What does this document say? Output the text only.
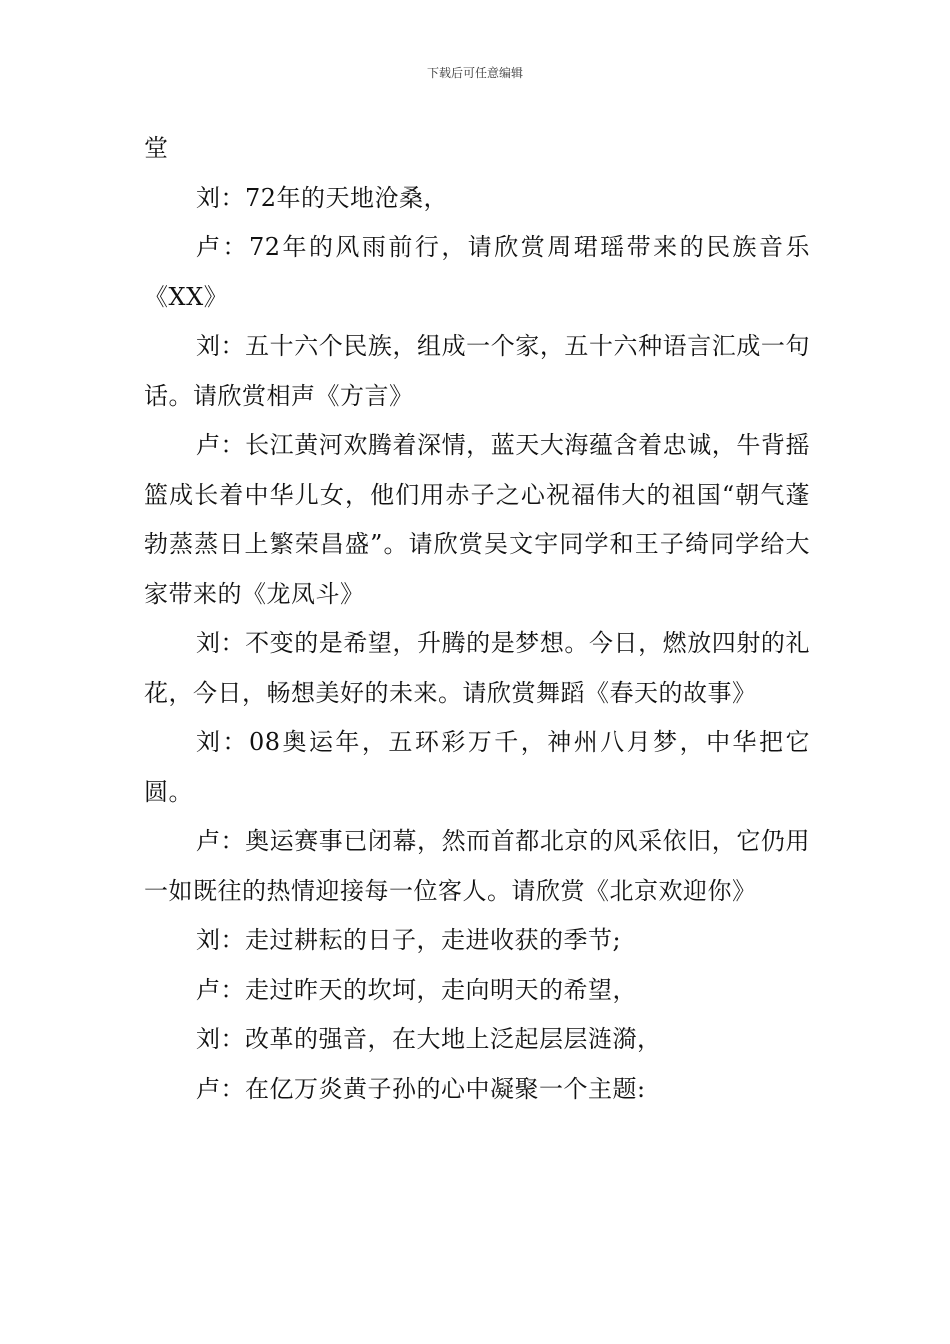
下载后可任意编辑

堂

刘：72年的天地沧桑，

卢：72年的风雨前行，请欣赏周珺瑶带来的民族音乐《XX》

刘：五十六个民族，组成一个家，五十六种语言汇成一句话。请欣赏相声《方言》

卢：长江黄河欢腾着深情，蓝天大海蕴含着忠诚，牛背摇篮成长着中华儿女，他们用赤子之心祝福伟大的祖国“朝气蓬勃蒸蒸日上繁荣昌盛”。请欣赏吴文宇同学和王子绮同学给大家带来的《龙凤斗》

刘：不变的是希望，升腾的是梦想。今日，燃放四射的礼花，今日，畅想美好的未来。请欣赏舞蹈《春天的故事》

刘：08奥运年，五环彩万千，神州八月梦，中华把它圆。

卢：奥运赛事已闭幕，然而首都北京的风采依旧，它仍用一如既往的热情迎接每一位客人。请欣赏《北京欢迎你》

刘：走过耕耘的日子，走进收获的季节;

卢：走过昨天的坎坷，走向明天的希望，

刘：改革的强音，在大地上泛起层层涟漪，

卢：在亿万炎黄子孙的心中凝聚一个主题:
